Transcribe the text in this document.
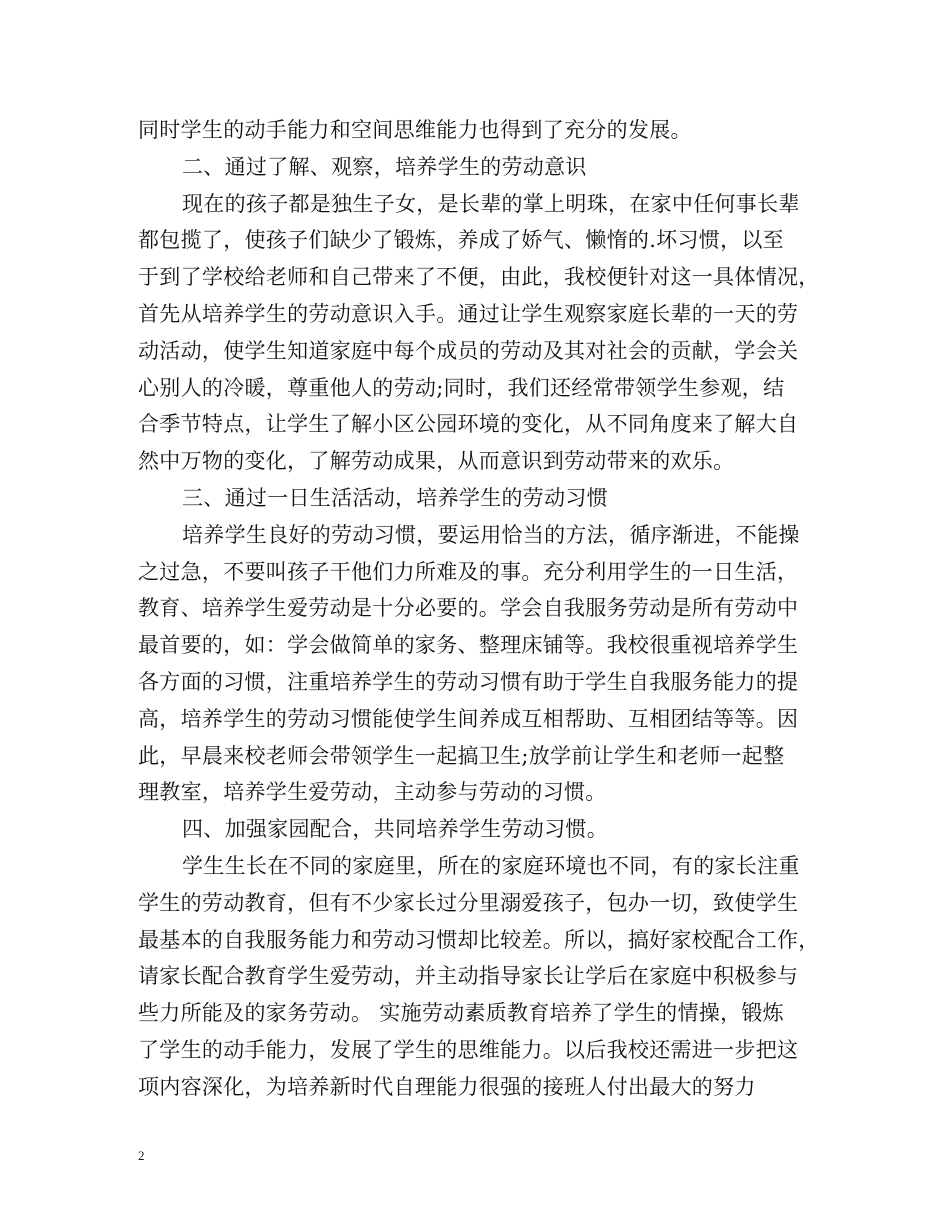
同时学生的动手能力和空间思维能力也得到了充分的发展。
二、通过了解、观察，培养学生的劳动意识
现在的孩子都是独生子女，是长辈的掌上明珠，在家中任何事长辈
都包揽了，使孩子们缺少了锻炼，养成了娇气、懒惰的.坏习惯，以至
于到了学校给老师和自己带来了不便，由此，我校便针对这一具体情况，
首先从培养学生的劳动意识入手。通过让学生观察家庭长辈的一天的劳
动活动，使学生知道家庭中每个成员的劳动及其对社会的贡献，学会关
心别人的冷暖，尊重他人的劳动;同时，我们还经常带领学生参观，结
合季节特点，让学生了解小区公园环境的变化，从不同角度来了解大自
然中万物的变化，了解劳动成果，从而意识到劳动带来的欢乐。
三、通过一日生活活动，培养学生的劳动习惯
培养学生良好的劳动习惯，要运用恰当的方法，循序渐进，不能操
之过急，不要叫孩子干他们力所难及的事。充分利用学生的一日生活，
教育、培养学生爱劳动是十分必要的。学会自我服务劳动是所有劳动中
最首要的，如：学会做简单的家务、整理床铺等。我校很重视培养学生
各方面的习惯，注重培养学生的劳动习惯有助于学生自我服务能力的提
高，培养学生的劳动习惯能使学生间养成互相帮助、互相团结等等。因
此，早晨来校老师会带领学生一起搞卫生;放学前让学生和老师一起整
理教室，培养学生爱劳动，主动参与劳动的习惯。
四、加强家园配合，共同培养学生劳动习惯。
学生生长在不同的家庭里，所在的家庭环境也不同，有的家长注重
学生的劳动教育，但有不少家长过分里溺爱孩子，包办一切，致使学生
最基本的自我服务能力和劳动习惯却比较差。所以，搞好家校配合工作，
请家长配合教育学生爱劳动，并主动指导家长让学后在家庭中积极参与
些力所能及的家务劳动。 实施劳动素质教育培养了学生的情操，锻炼
了学生的动手能力，发展了学生的思维能力。以后我校还需进一步把这
项内容深化，为培养新时代自理能力很强的接班人付出最大的努力
2
